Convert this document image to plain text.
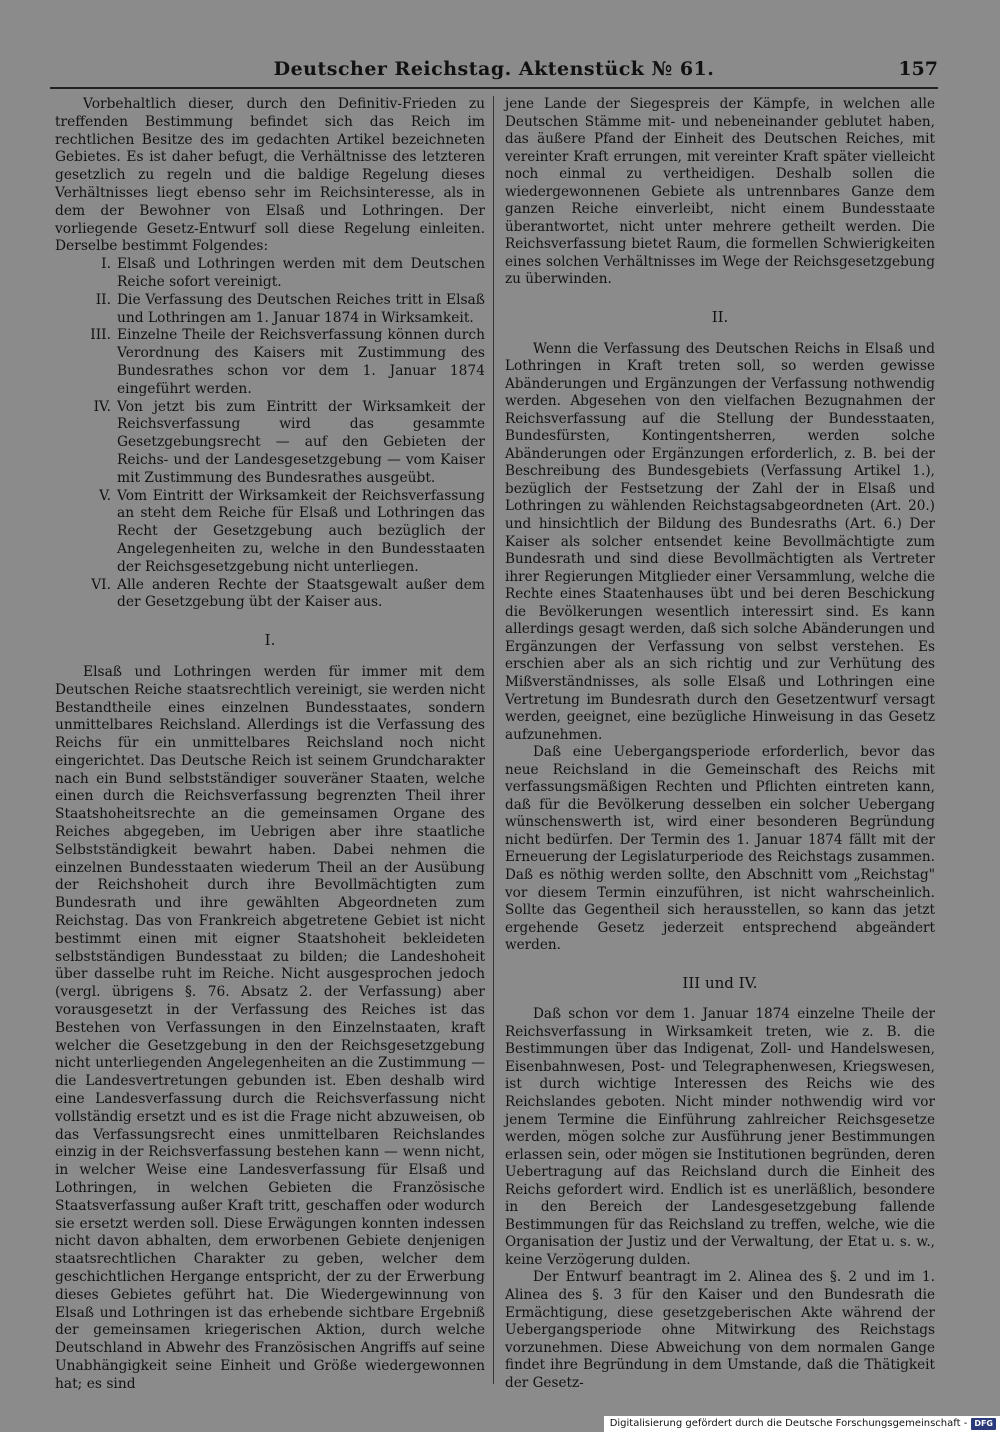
Deutscher Reichstag. Aktenstück № 61.	157

Vorbehaltlich dieser, durch den Definitiv-Frieden zu treffenden Bestimmung befindet sich das Reich im rechtlichen Besitze des im gedachten Artikel bezeichneten Gebietes. Es ist daher befugt, die Verhältnisse des letzteren gesetzlich zu regeln und die baldige Regelung dieses Verhältnisses liegt ebenso sehr im Reichsinteresse, als in dem der Bewohner von Elsaß und Lothringen. Der vorliegende Gesetz-Entwurf soll diese Regelung einleiten. Derselbe bestimmt Folgendes:

I. Elsaß und Lothringen werden mit dem Deutschen Reiche sofort vereinigt.
II. Die Verfassung des Deutschen Reiches tritt in Elsaß und Lothringen am 1. Januar 1874 in Wirksamkeit.
III. Einzelne Theile der Reichsverfassung können durch Verordnung des Kaisers mit Zustimmung des Bundesrathes schon vor dem 1. Januar 1874 eingeführt werden.
IV. Von jetzt bis zum Eintritt der Wirksamkeit der Reichsverfassung wird das gesammte Gesetzgebungsrecht — auf den Gebieten der Reichs- und der Landesgesetzgebung — vom Kaiser mit Zustimmung des Bundesrathes ausgeübt.
V. Vom Eintritt der Wirksamkeit der Reichsverfassung an steht dem Reiche für Elsaß und Lothringen das Recht der Gesetzgebung auch bezüglich der Angelegenheiten zu, welche in den Bundesstaaten der Reichsgesetzgebung nicht unterliegen.
VI. Alle anderen Rechte der Staatsgewalt außer dem der Gesetzgebung übt der Kaiser aus.
I.

Elsaß und Lothringen werden für immer mit dem Deutschen Reiche staatsrechtlich vereinigt, sie werden nicht Bestandtheile eines einzelnen Bundesstaates, sondern unmittelbares Reichsland. Allerdings ist die Verfassung des Reichs für ein unmittelbares Reichsland noch nicht eingerichtet. Das Deutsche Reich ist seinem Grundcharakter nach ein Bund selbstständiger souveräner Staaten, welche einen durch die Reichsverfassung begrenzten Theil ihrer Staatshoheitsrechte an die gemeinsamen Organe des Reiches abgegeben, im Uebrigen aber ihre staatliche Selbstständigkeit bewahrt haben. Dabei nehmen die einzelnen Bundesstaaten wiederum Theil an der Ausübung der Reichshoheit durch ihre Bevollmächtigten zum Bundesrath und ihre gewählten Abgeordneten zum Reichstag. Das von Frankreich abgetretene Gebiet ist nicht bestimmt einen mit eigner Staatshoheit bekleideten selbstständigen Bundesstaat zu bilden; die Landeshoheit über dasselbe ruht im Reiche. Nicht ausgesprochen jedoch (vergl. übrigens §. 76. Absatz 2. der Verfassung) aber vorausgesetzt in der Verfassung des Reiches ist das Bestehen von Verfassungen in den Einzelnstaaten, kraft welcher die Gesetzgebung in den der Reichsgesetzgebung nicht unterliegenden Angelegenheiten an die Zustimmung — die Landesvertretungen gebunden ist. Eben deshalb wird eine Landesverfassung durch die Reichsverfassung nicht vollständig ersetzt und es ist die Frage nicht abzuweisen, ob das Verfassungsrecht eines unmittelbaren Reichslandes einzig in der Reichsverfassung bestehen kann — wenn nicht, in welcher Weise eine Landesverfassung für Elsaß und Lothringen, in welchen Gebieten die Französische Staatsverfassung außer Kraft tritt, geschaffen oder wodurch sie ersetzt werden soll. Diese Erwägungen konnten indessen nicht davon abhalten, dem erworbenen Gebiete denjenigen staatsrechtlichen Charakter zu geben, welcher dem geschichtlichen Hergange entspricht, der zu der Erwerbung dieses Gebietes geführt hat. Die Wiedergewinnung von Elsaß und Lothringen ist das erhebende sichtbare Ergebniß der gemeinsamen kriegerischen Aktion, durch welche Deutschland in Abwehr des Französischen Angriffs auf seine Unabhängigkeit seine Einheit und Größe wiedergewonnen hat; es sind

jene Lande der Siegespreis der Kämpfe, in welchen alle Deutschen Stämme mit- und nebeneinander geblutet haben, das äußere Pfand der Einheit des Deutschen Reiches, mit vereinter Kraft errungen, mit vereinter Kraft später vielleicht noch einmal zu vertheidigen. Deshalb sollen die wiedergewonnenen Gebiete als untrennbares Ganze dem ganzen Reiche einverleibt, nicht einem Bundesstaate überantwortet, nicht unter mehrere getheilt werden. Die Reichsverfassung bietet Raum, die formellen Schwierigkeiten eines solchen Verhältnisses im Wege der Reichsgesetzgebung zu überwinden.

II.

Wenn die Verfassung des Deutschen Reichs in Elsaß und Lothringen in Kraft treten soll, so werden gewisse Abänderungen und Ergänzungen der Verfassung nothwendig werden. Abgesehen von den vielfachen Bezugnahmen der Reichsverfassung auf die Stellung der Bundesstaaten, Bundesfürsten, Kontingentsherren, werden solche Abänderungen oder Ergänzungen erforderlich, z. B. bei der Beschreibung des Bundesgebiets (Verfassung Artikel 1.), bezüglich der Festsetzung der Zahl der in Elsaß und Lothringen zu wählenden Reichstagsabgeordneten (Art. 20.) und hinsichtlich der Bildung des Bundesraths (Art. 6.) Der Kaiser als solcher entsendet keine Bevollmächtigte zum Bundesrath und sind diese Bevollmächtigten als Vertreter ihrer Regierungen Mitglieder einer Versammlung, welche die Rechte eines Staatenhauses übt und bei deren Beschickung die Bevölkerungen wesentlich interessirt sind. Es kann allerdings gesagt werden, daß sich solche Abänderungen und Ergänzungen der Verfassung von selbst verstehen. Es erschien aber als an sich richtig und zur Verhütung des Mißverständnisses, als solle Elsaß und Lothringen eine Vertretung im Bundesrath durch den Gesetzentwurf versagt werden, geeignet, eine bezügliche Hinweisung in das Gesetz aufzunehmen.

Daß eine Uebergangsperiode erforderlich, bevor das neue Reichsland in die Gemeinschaft des Reichs mit verfassungsmäßigen Rechten und Pflichten eintreten kann, daß für die Bevölkerung desselben ein solcher Uebergang wünschenswerth ist, wird einer besonderen Begründung nicht bedürfen. Der Termin des 1. Januar 1874 fällt mit der Erneuerung der Legislaturperiode des Reichstags zusammen. Daß es nöthig werden sollte, den Abschnitt vom „Reichstag" vor diesem Termin einzuführen, ist nicht wahrscheinlich. Sollte das Gegentheil sich herausstellen, so kann das jetzt ergehende Gesetz jederzeit entsprechend abgeändert werden.

III und IV.

Daß schon vor dem 1. Januar 1874 einzelne Theile der Reichsverfassung in Wirksamkeit treten, wie z. B. die Bestimmungen über das Indigenat, Zoll- und Handelswesen, Eisenbahnwesen, Post- und Telegraphenwesen, Kriegswesen, ist durch wichtige Interessen des Reichs wie des Reichslandes geboten. Nicht minder nothwendig wird vor jenem Termine die Einführung zahlreicher Reichsgesetze werden, mögen solche zur Ausführung jener Bestimmungen erlassen sein, oder mögen sie Institutionen begründen, deren Uebertragung auf das Reichsland durch die Einheit des Reichs gefordert wird. Endlich ist es unerläßlich, besondere in den Bereich der Landesgesetzgebung fallende Bestimmungen für das Reichsland zu treffen, welche, wie die Organisation der Justiz und der Verwaltung, der Etat u. s. w., keine Verzögerung dulden.

Der Entwurf beantragt im 2. Alinea des §. 2 und im 1. Alinea des §. 3 für den Kaiser und den Bundesrath die Ermächtigung, diese gesetzgeberischen Akte während der Uebergangsperiode ohne Mitwirkung des Reichstags vorzunehmen. Diese Abweichung von dem normalen Gange findet ihre Begründung in dem Umstande, daß die Thätigkeit der Gesetz-

Digitalisierung gefördert durch die Deutsche Forschungsgemeinschaft - DFG
